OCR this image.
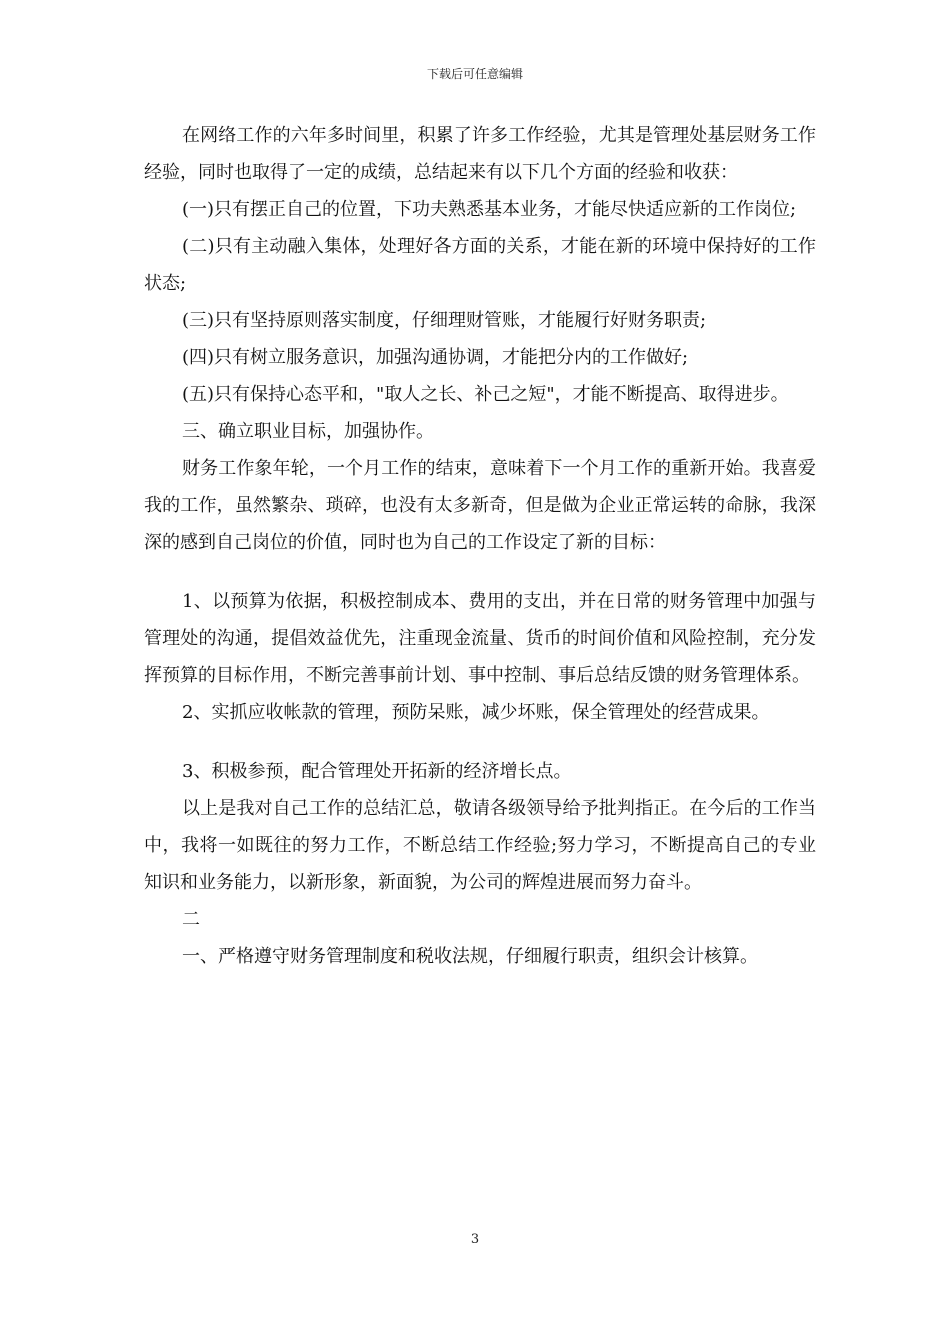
下载后可任意编辑

在网络工作的六年多时间里，积累了许多工作经验，尤其是管理处基层财务工作经验，同时也取得了一定的成绩，总结起来有以下几个方面的经验和收获：

(一)只有摆正自己的位置，下功夫熟悉基本业务，才能尽快适应新的工作岗位;

(二)只有主动融入集体，处理好各方面的关系，才能在新的环境中保持好的工作状态;

(三)只有坚持原则落实制度，仔细理财管账，才能履行好财务职责;

(四)只有树立服务意识，加强沟通协调，才能把分内的工作做好;

(五)只有保持心态平和，"取人之长、补己之短"，才能不断提高、取得进步。

三、确立职业目标，加强协作。

财务工作象年轮，一个月工作的结束，意味着下一个月工作的重新开始。我喜爱我的工作，虽然繁杂、琐碎，也没有太多新奇，但是做为企业正常运转的命脉，我深深的感到自己岗位的价值，同时也为自己的工作设定了新的目标：

1、以预算为依据，积极控制成本、费用的支出，并在日常的财务管理中加强与管理处的沟通，提倡效益优先，注重现金流量、货币的时间价值和风险控制，充分发挥预算的目标作用，不断完善事前计划、事中控制、事后总结反馈的财务管理体系。

2、实抓应收帐款的管理，预防呆账，减少坏账，保全管理处的经营成果。

3、积极参预，配合管理处开拓新的经济增长点。

以上是我对自己工作的总结汇总，敬请各级领导给予批判指正。在今后的工作当中，我将一如既往的努力工作，不断总结工作经验;努力学习，不断提高自己的专业知识和业务能力，以新形象，新面貌，为公司的辉煌进展而努力奋斗。

二

一、严格遵守财务管理制度和税收法规，仔细履行职责，组织会计核算。

3
